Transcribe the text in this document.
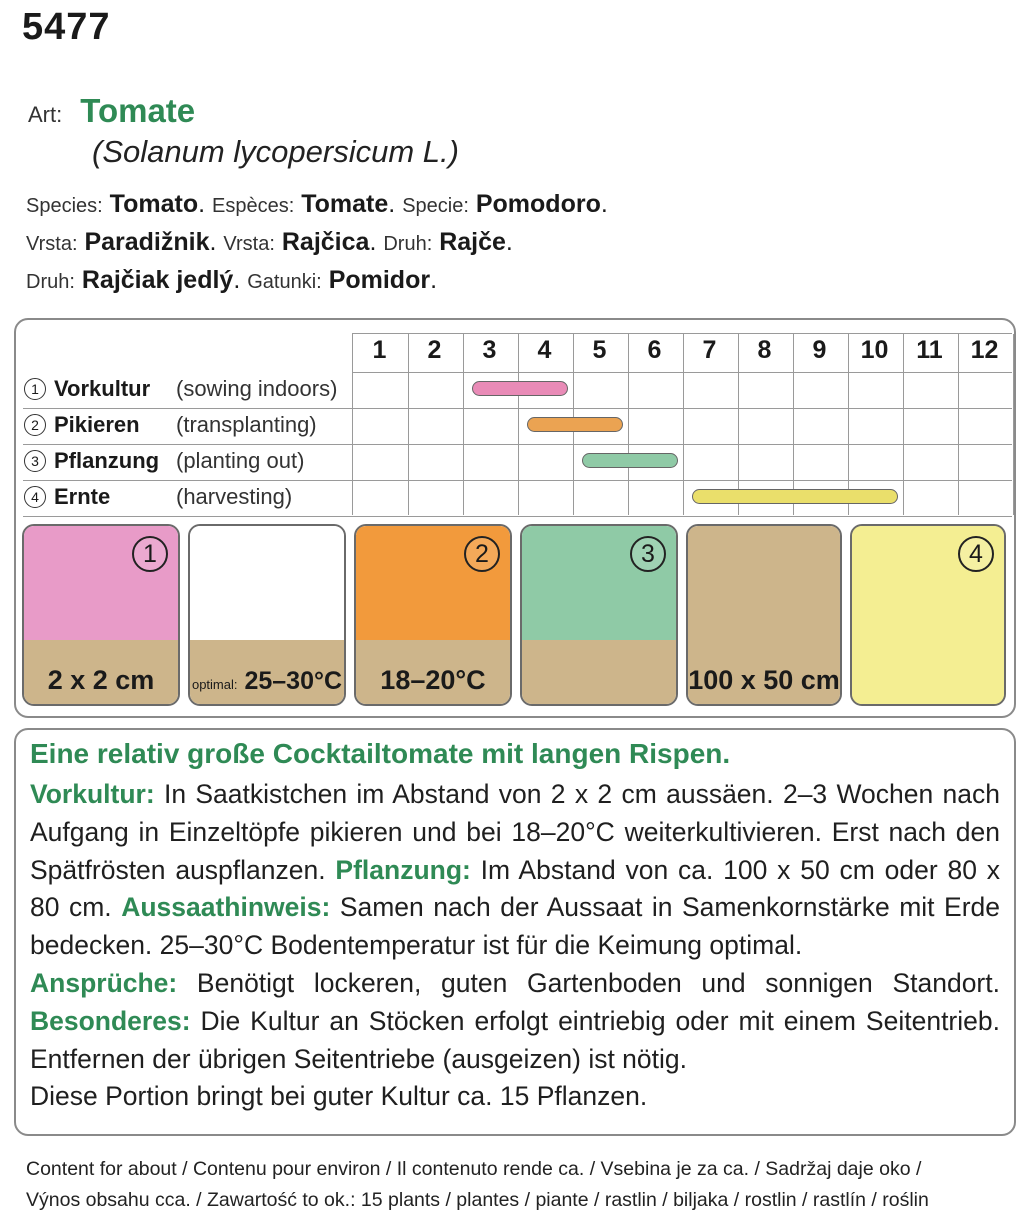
5477
Art: Tomate
(Solanum lycopersicum L.)
Species: Tomato. Espèces: Tomate. Specie: Pomodoro.
Vrsta: Paradižnik. Vrsta: Rajčica. Druh: Rajče.
Druh: Rajčiak jedlý. Gatunki: Pomidor.
1	2	3	4	5	6	7	8	9	10	11	12
1 Vorkultur	(sowing indoors)
2 Pikieren	(transplanting)
3 Pflanzung (planting out)
4 Ernte	(harvesting)
1
2 x 2 cm	optimal: 25–30°C
2
18–20°C
3
100 x 50 cm
4
Eine relativ große Cocktailtomate mit langen Rispen.
Vorkultur: In Saatkistchen im Abstand von 2 x 2 cm aussäen. 2–3 Wochen nach Aufgang in Einzeltöpfe pikieren und bei 18–20°C weiterkultivieren. Erst nach den Spätfrösten auspflanzen. Pflanzung: Im Abstand von ca. 100 x 50 cm oder 80 x 80 cm. Aussaathinweis: Samen nach der Aussaat in Samenkornstärke mit Erde bedecken. 25–30°C Bodentemperatur ist für die Keimung optimal.
Ansprüche: Benötigt lockeren, guten Gartenboden und sonnigen Standort. Besonderes: Die Kultur an Stöcken erfolgt eintriebig oder mit einem Seitentrieb. Entfernen der übrigen Seitentriebe (ausgeizen) ist nötig.
Diese Portion bringt bei guter Kultur ca. 15 Pflanzen.
Content for about / Contenu pour environ / Il contenuto rende ca. / Vsebina je za ca. / Sadržaj daje oko /
Výnos obsahu cca. / Zawartość to ok.: 15 plants / plantes / piante / rastlin / biljaka / rostlin / rastlín / roślin
